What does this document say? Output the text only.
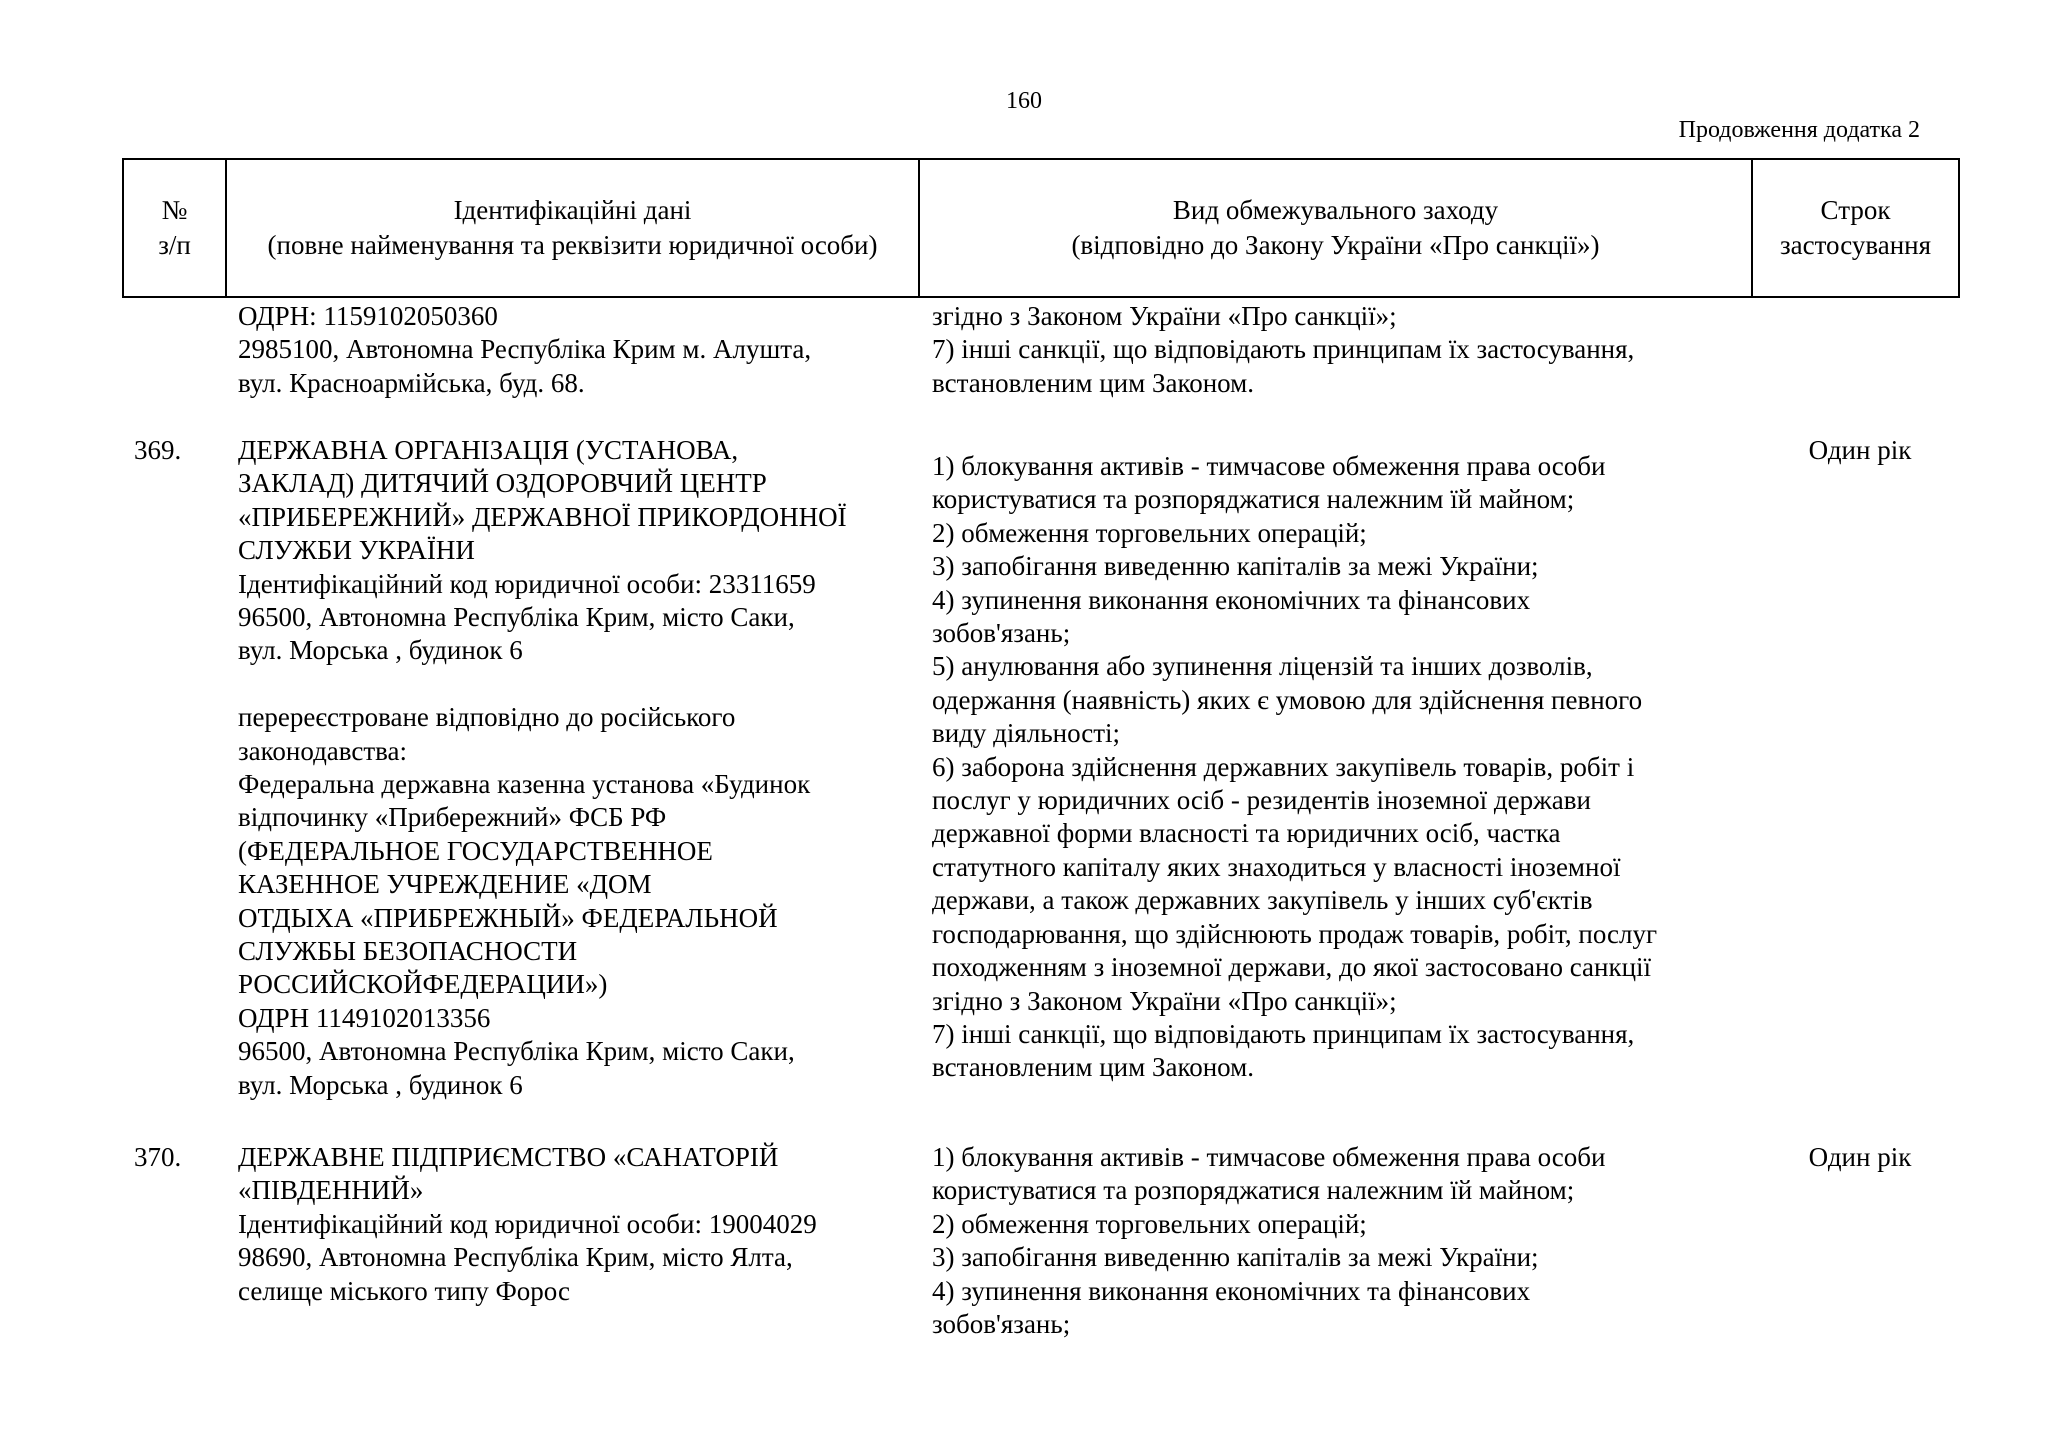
160
Продовження додатка 2
№
з/п
Ідентифікаційні дані
(повне найменування та реквізити юридичної особи)
Вид обмежувального заходу
(відповідно до Закону України «Про санкції»)
Строк
застосування
ОДРН: 1159102050360
2985100, Автономна Республіка Крим м. Алушта,
вул. Красноармійська, буд. 68.
згідно з Законом України «Про санкції»;
7) інші санкції, що відповідають принципам їх застосування,
встановленим цим Законом.
369.	ДЕРЖАВНА ОРГАНІЗАЦІЯ (УСТАНОВА,
ЗАКЛАД) ДИТЯЧИЙ ОЗДОРОВЧИЙ ЦЕНТР
«ПРИБЕРЕЖНИЙ» ДЕРЖАВНОЇ ПРИКОРДОННОЇ
СЛУЖБИ УКРАЇНИ
Ідентифікаційний код юридичної особи: 23311659
96500, Автономна Республіка Крим, місто Саки,
вул. Морська , будинок 6
перереєстроване відповідно до російського
законодавства:
Федеральна державна казенна установа «Будинок
відпочинку «Прибережний» ФСБ РФ
(ФЕДЕРАЛЬНОЕ ГОСУДАРСТВЕННОЕ
КАЗЕННОЕ УЧРЕЖДЕНИЕ «ДОМ
ОТДЫХА «ПРИБРЕЖНЫЙ» ФЕДЕРАЛЬНОЙ
СЛУЖБЫ БЕЗОПАСНОСТИ
РОССИЙСКОЙФЕДЕРАЦИИ»)
ОДРН 1149102013356
96500, Автономна Республіка Крим, місто Саки,
вул. Морська , будинок 6
1) блокування активів - тимчасове обмеження права особи
користуватися та розпоряджатися належним їй майном;
2) обмеження торговельних операцій;
3) запобігання виведенню капіталів за межі України;
4) зупинення виконання економічних та фінансових
зобов'язань;
5) анулювання або зупинення ліцензій та інших дозволів,
одержання (наявність) яких є умовою для здійснення певного
виду діяльності;
6) заборона здійснення державних закупівель товарів, робіт і
послуг у юридичних осіб - резидентів іноземної держави
державної форми власності та юридичних осіб, частка
статутного капіталу яких знаходиться у власності іноземної
держави, а також державних закупівель у інших суб'єктів
господарювання, що здійснюють продаж товарів, робіт, послуг
походженням з іноземної держави, до якої застосовано санкції
згідно з Законом України «Про санкції»;
7) інші санкції, що відповідають принципам їх застосування,
встановленим цим Законом.
Один рік
370.	ДЕРЖАВНЕ ПІДПРИЄМСТВО «САНАТОРІЙ
«ПІВДЕННИЙ»
Ідентифікаційний код юридичної особи: 19004029
98690, Автономна Республіка Крим, місто Ялта,
селище міського типу Форос
1) блокування активів - тимчасове обмеження права особи
користуватися та розпоряджатися належним їй майном;
2) обмеження торговельних операцій;
3) запобігання виведенню капіталів за межі України;
4) зупинення виконання економічних та фінансових
зобов'язань;
Один рік
